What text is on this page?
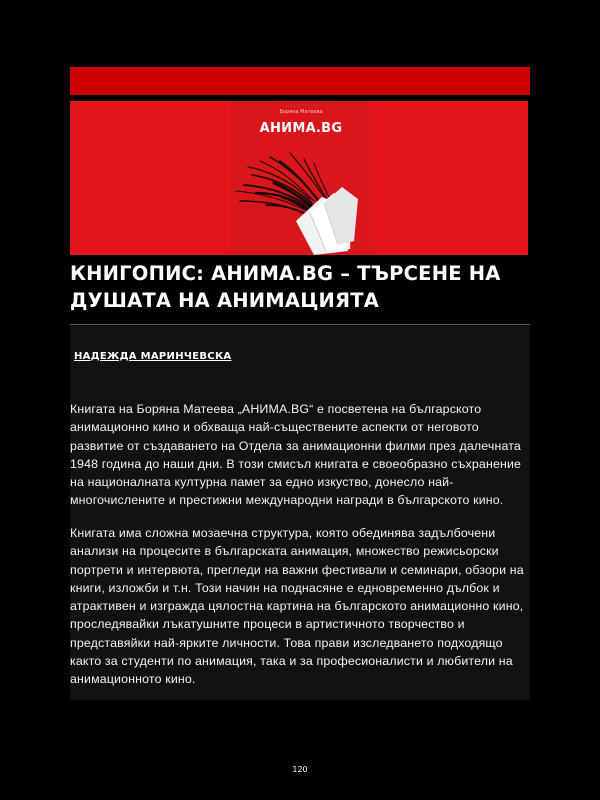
Боряна Матеева
АНИМА.BG
КНИГОПИС: АНИМА.BG – ТЪРСЕНЕ НА ДУШАТА НА АНИМАЦИЯТА
НАДЕЖДА МАРИНЧЕВСКА

Книгата на Боряна Матеева „АНИМА.BG“ е посветена на българското анимационно кино и обхваща най-съществените аспекти от неговото развитие от създаването на Отдела за анимационни филми през далечната 1948 година до наши дни. В този смисъл книгата е своеобразно съхранение на националната културна памет за едно изкуство, донесло най-многочислените и престижни международни награди в българското кино.

Книгата има сложна мозаечна структура, която обединява задълбочени анализи на процесите в българската анимация, множество режисьорски портрети и интервюта, прегледи на важни фестивали и семинари, обзори на книги, изложби и т.н. Този начин на поднасяне е едновременно дълбок и атрактивен и изгражда цялостна картина на българското анимационно кино, проследявайки лъкатушните процеси в артистичното творчество и представяйки най-ярките личности. Това прави изследването подходящо както за студенти по анимация, така и за професионалисти и любители на анимационното кино.

120
